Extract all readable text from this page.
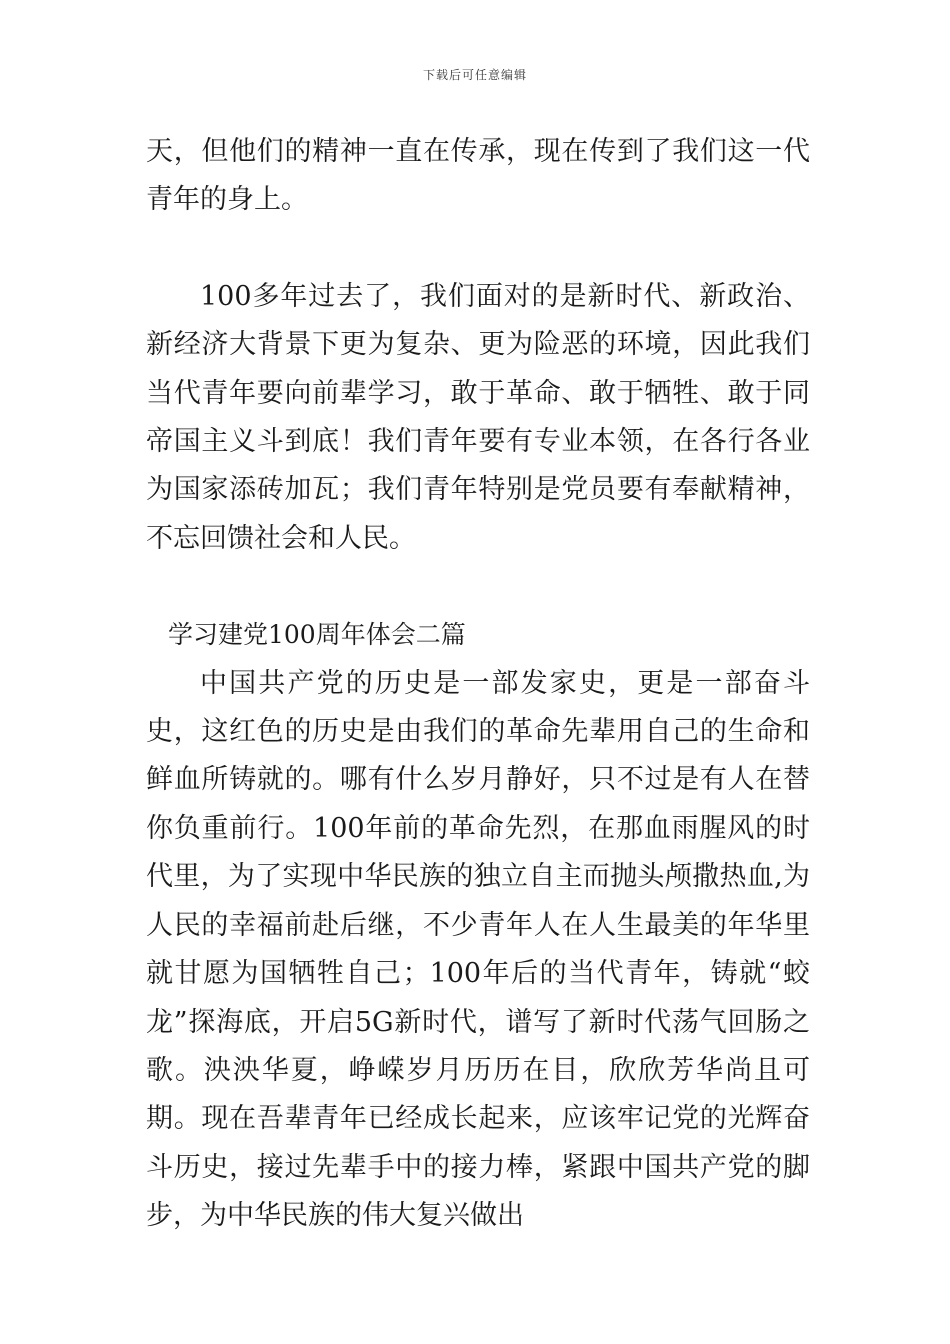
下载后可任意编辑

天，但他们的精神一直在传承，现在传到了我们这一代青年的身上。

100多年过去了，我们面对的是新时代、新政治、新经济大背景下更为复杂、更为险恶的环境，因此我们当代青年要向前辈学习，敢于革命、敢于牺牲、敢于同帝国主义斗到底！我们青年要有专业本领，在各行各业为国家添砖加瓦；我们青年特别是党员要有奉献精神，不忘回馈社会和人民。

学习建党100周年体会二篇

中国共产党的历史是一部发家史，更是一部奋斗史，这红色的历史是由我们的革命先辈用自己的生命和鲜血所铸就的。哪有什么岁月静好，只不过是有人在替你负重前行。100年前的革命先烈，在那血雨腥风的时代里，为了实现中华民族的独立自主而抛头颅撒热血,为人民的幸福前赴后继，不少青年人在人生最美的年华里就甘愿为国牺牲自己；100年后的当代青年，铸就“蛟龙”探海底，开启5G新时代，谱写了新时代荡气回肠之歌。泱泱华夏，峥嵘岁月历历在目，欣欣芳华尚且可期。现在吾辈青年已经成长起来，应该牢记党的光辉奋斗历史，接过先辈手中的接力棒，紧跟中国共产党的脚步，为中华民族的伟大复兴做出
